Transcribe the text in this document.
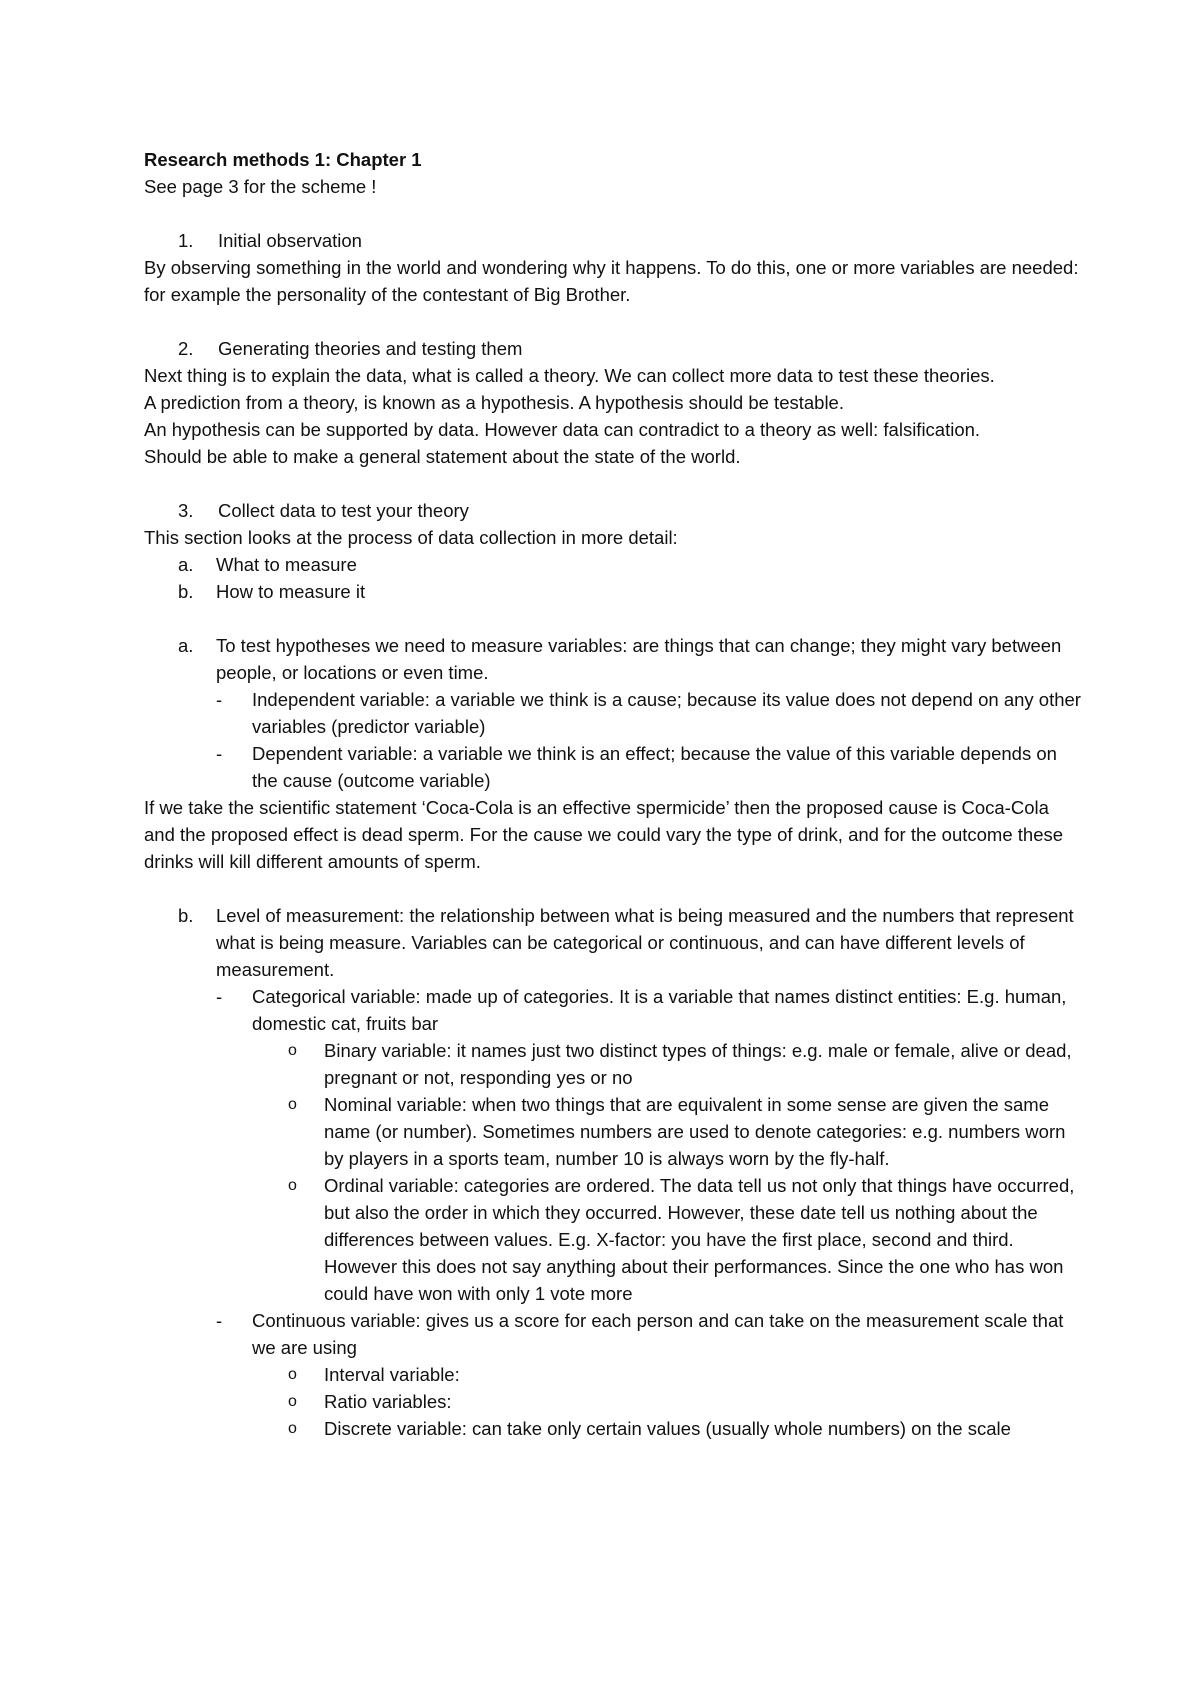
Research methods 1: Chapter 1

See page 3 for the scheme !

1.	Initial observation

By observing something in the world and wondering why it happens. To do this, one or more variables are needed: for example the personality of the contestant of Big Brother.

2.	Generating theories and testing them

Next thing is to explain the data, what is called a theory. We can collect more data to test these theories.

A prediction from a theory, is known as a hypothesis. A hypothesis should be testable.

An hypothesis can be supported by data. However data can contradict to a theory as well: falsification.

Should be able to make a general statement about the state of the world.

3.	Collect data to test your theory

This section looks at the process of data collection in more detail:

a.	What to measure
b.	How to measure it
a.	To test hypotheses we need to measure variables: are things that can change; they might vary between people, or locations or even time.

-	Independent variable: a variable we think is a cause; because its value does not depend on any other variables (predictor variable)
-	Dependent variable: a variable we think is an effect; because the value of this variable depends on the cause (outcome variable)

If we take the scientific statement ‘Coca-Cola is an effective spermicide’ then the proposed cause is Coca-Cola and the proposed effect is dead sperm. For the cause we could vary the type of drink, and for the outcome these drinks will kill different amounts of sperm.

b.	Level of measurement: the relationship between what is being measured and the numbers that represent what is being measure. Variables can be categorical or continuous, and can have different levels of measurement.

-	Categorical variable: made up of categories. It is a variable that names distinct entities: E.g. human, domestic cat, fruits bar

o	Binary variable: it names just two distinct types of things: e.g. male or female, alive or dead, pregnant or not, responding yes or no
o	Nominal variable: when two things that are equivalent in some sense are given the same name (or number). Sometimes numbers are used to denote categories: e.g. numbers worn by players in a sports team, number 10 is always worn by the fly-half.
o	Ordinal variable: categories are ordered. The data tell us not only that things have occurred, but also the order in which they occurred. However, these date tell us nothing about the differences between values. E.g. X-factor: you have the first place, second and third. However this does not say anything about their performances. Since the one who has won could have won with only 1 vote more
-	Continuous variable: gives us a score for each person and can take on the measurement scale that we are using

o	Interval variable:
o	Ratio variables:
o	Discrete variable: can take only certain values (usually whole numbers) on the scale
